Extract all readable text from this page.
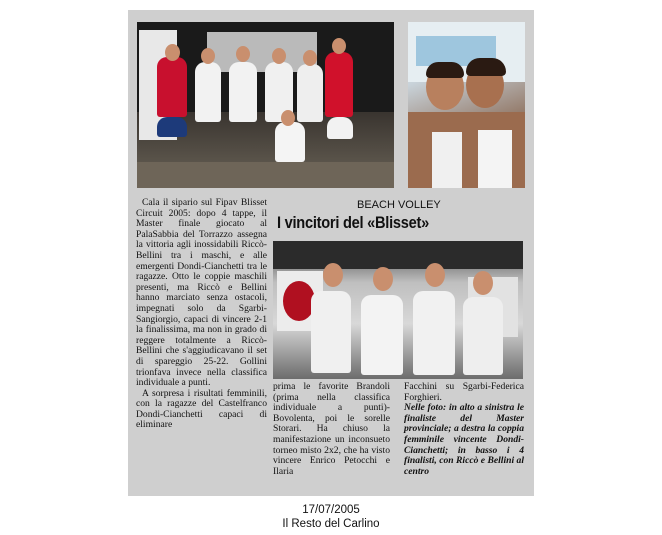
BEACH VOLLEY
I vincitori del «Blisset»

Cala il sipario sul Fipav Blisset Circuit 2005: dopo 4 tappe, il Master finale giocato al PalaSabbia del Torrazzo assegna la vittoria agli inossidabili Riccò-Bellini tra i maschi, e alle emergenti Dondi-Cianchetti tra le ragazze. Otto le coppie maschili presenti, ma Riccò e Bellini hanno marciato senza ostacoli, impegnati solo da Sgarbi-Sangiorgio, capaci di vincere 2-1 la finalissima, ma non in grado di reggere totalmente a Riccò-Bellini che s'aggiudicavano il set di spareggio 25-22. Gollini trionfava invece nella classifica individuale a punti.

A sorpresa i risultati femminili, con la ragazze del Castelfranco Dondi-Cianchetti capaci di eliminare

prima le favorite Brandoli (prima nella classifica individuale a punti)-Bovolenta, poi le sorelle Storari. Ha chiuso la manifestazione un inconsueto torneo misto 2x2, che ha visto vincere Enrico Petocchi e Ilaria

Facchini su Sgarbi-Federica Forghieri.

Nelle foto: in alto a sinistra le finaliste del Master provinciale; a destra la coppia femminile vincente Dondi-Cianchetti; in basso i 4 finalisti, con Riccò e Bellini al centro

17/07/2005
Il Resto del Carlino
